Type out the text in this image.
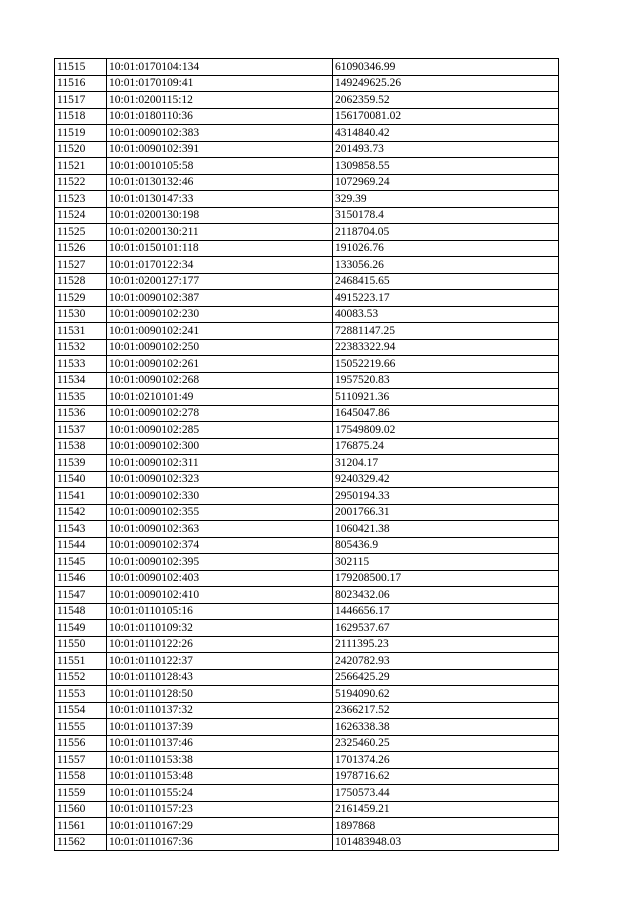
11515	10:01:0170104:134	61090346.99
11516	10:01:0170109:41	149249625.26
11517	10:01:0200115:12	2062359.52
11518	10:01:0180110:36	156170081.02
11519	10:01:0090102:383	4314840.42
11520	10:01:0090102:391	201493.73
11521	10:01:0010105:58	1309858.55
11522	10:01:0130132:46	1072969.24
11523	10:01:0130147:33	329.39
11524	10:01:0200130:198	3150178.4
11525	10:01:0200130:211	2118704.05
11526	10:01:0150101:118	191026.76
11527	10:01:0170122:34	133056.26
11528	10:01:0200127:177	2468415.65
11529	10:01:0090102:387	4915223.17
11530	10:01:0090102:230	40083.53
11531	10:01:0090102:241	72881147.25
11532	10:01:0090102:250	22383322.94
11533	10:01:0090102:261	15052219.66
11534	10:01:0090102:268	1957520.83
11535	10:01:0210101:49	5110921.36
11536	10:01:0090102:278	1645047.86
11537	10:01:0090102:285	17549809.02
11538	10:01:0090102:300	176875.24
11539	10:01:0090102:311	31204.17
11540	10:01:0090102:323	9240329.42
11541	10:01:0090102:330	2950194.33
11542	10:01:0090102:355	2001766.31
11543	10:01:0090102:363	1060421.38
11544	10:01:0090102:374	805436.9
11545	10:01:0090102:395	302115
11546	10:01:0090102:403	179208500.17
11547	10:01:0090102:410	8023432.06
11548	10:01:0110105:16	1446656.17
11549	10:01:0110109:32	1629537.67
11550	10:01:0110122:26	2111395.23
11551	10:01:0110122:37	2420782.93
11552	10:01:0110128:43	2566425.29
11553	10:01:0110128:50	5194090.62
11554	10:01:0110137:32	2366217.52
11555	10:01:0110137:39	1626338.38
11556	10:01:0110137:46	2325460.25
11557	10:01:0110153:38	1701374.26
11558	10:01:0110153:48	1978716.62
11559	10:01:0110155:24	1750573.44
11560	10:01:0110157:23	2161459.21
11561	10:01:0110167:29	1897868
11562	10:01:0110167:36	101483948.03
